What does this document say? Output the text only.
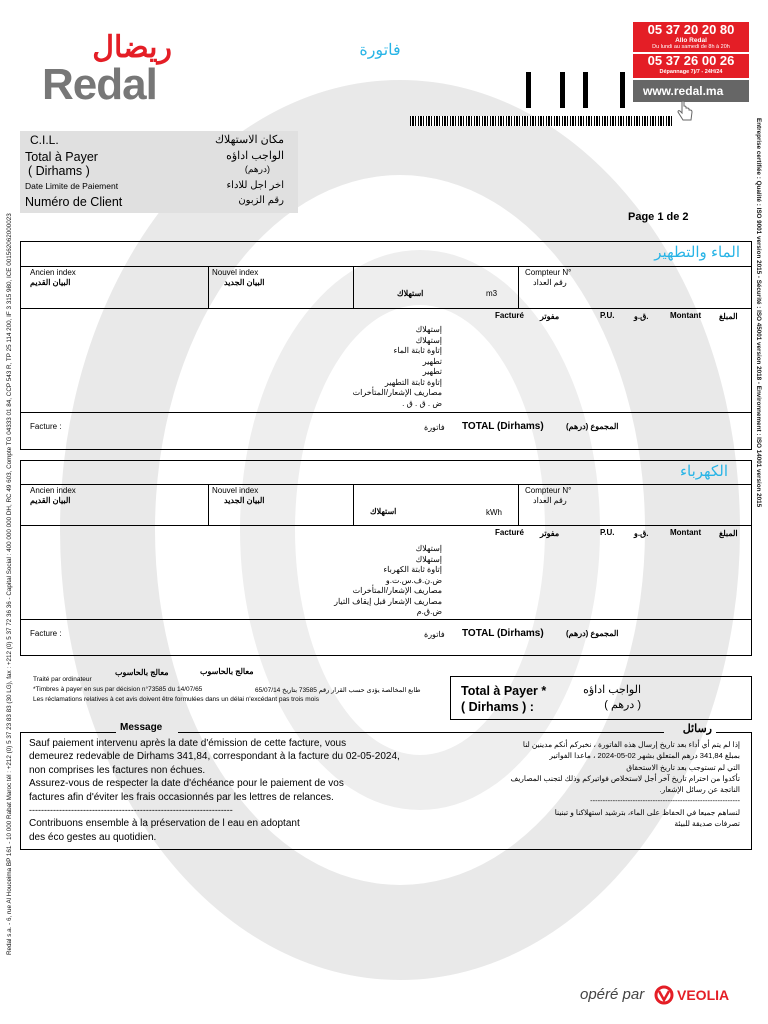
ريضال
Redal
فاتورة
05 37 20 20 80
Allo Redal
Du lundi au samedi de 8h à 20h
05 37 26 00 26
Dépannage 7j/7 - 24H/24
www.redal.ma
C.I.L.	مكان الاستهلاك
Total à Payer
( Dirhams )
الواجب اداؤه
(درهم)
Date Limite de Paiement	اخر اجل للاداء
Numéro de Client	رقم الزبون
Page 1 de 2
الماء والتطهير
Ancien index
البيان القديم
Nouvel index
البيان الجديد
استهلاك	m3
Compteur N°
رقم العداد
Facturé مفوتر	P.U. ق.و.	Montant المبلغ
إستهلاك
إستهلاك
إتاوة ثابتة الماء
تطهير
تطهير
إتاوة ثابتة التطهير
مصاريف الإشعار/المتأخرات
ض . ق . ق .
Facture :	فاتورة TOTAL (Dirhams)	المجموع (درهم)
الكهرباء
Ancien index
البيان القديم
Nouvel index
البيان الجديد
استهلاك	kWh
Compteur N°
رقم العداد
Facturé مفوتر	P.U. ق.و.	Montant المبلغ
إستهلاك
إستهلاك
إتاوة ثابتة الكهرباء
ض.ن.ف.س.ت.و
مصاريف الإشعار/المتأخرات
مصاريف الإشعار قبل إيقاف التيار
ض.ق.م
Facture :	فاتورة TOTAL (Dirhams)	المجموع (درهم)
Traité par ordinateur
معالج بالحاسوب	معالج بالحاسوب
*Timbres à payer en sus par décision n°73585 du 14/07/65	طابع المخالصة يؤدى حسب القرار رقم 73585 بتاريخ 65/07/14
Les réclamations relatives à cet avis doivent être formulées dans un délai n'excédant pas trois mois
Total à Payer *
( Dirhams ) :
الواجب اداؤه
( درهم )
Message	رسائل
Sauf paiement intervenu après la date d'émission de cette facture, vous
demeurez redevable de Dirhams 341,84, correspondant à la facture du 02-05-2024,
non comprises les factures non échues.
Assurez-vous de respecter la date d'échéance pour le paiement de vos
factures afin d'éviter les frais occasionnés par les lettres de relances.
--------------------------------------------------------------------
Contribuons ensemble à la préservation de l eau en adoptant
des éco gestes au quotidien.
إذا لم يتم أي أداء بعد تاريخ إرسال هذه الفاتورة ، نخبركم أنكم مدينين لنا
بمبلغ 341,84 درهم المتعلق بشهر 02-05-2024 ، ماعدا الفواتير
التي لم تستوجب بعد تاريخ الاستحقاق
تأكدوا من احترام تاريخ آخر أجل لاستخلاص فواتيركم وذلك لتجنب المصاريف
الناتجة عن رسائل الإشعار.
------------------------------------------------------------
لنساهم جميعا في الحفاظ على الماء، بترشيد استهلاكنا و تبنينا
تصرفات صديقة للبيئة
opéré par VEOLIA
Redal s.a. - 6, rue Al Houceima BP 161 - 10 000 Rabat Maroc tél : +212 (0) 5 37 23 83 83 (30 LG), fax : +212 (0) 5 37 72 36 36 - Capital Social : 400 000 000 DH, RC 49 603, Compte TG 04333 01 84, CCP 543 R, TP 25 114 200, IF 3 315 980, ICE 001562062000023	Entreprise certifiée : Qualité : ISO 9001 version 2015 - Sécurité : ISO 45001 version 2018 - Environnement : ISO 14001 version 2015
